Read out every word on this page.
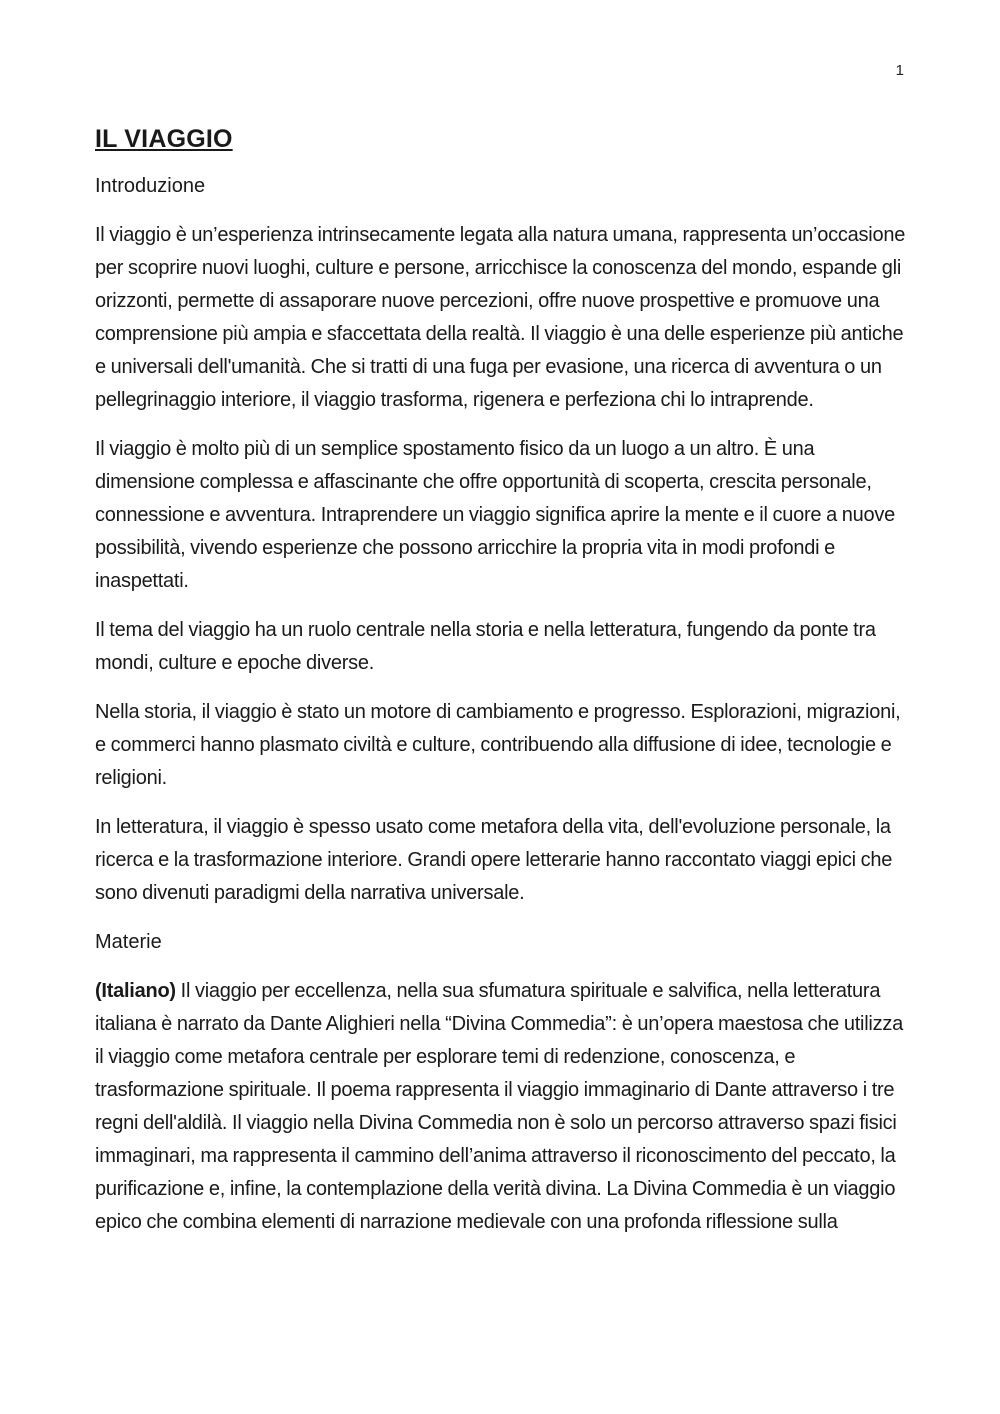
1
IL VIAGGIO
Introduzione

Il viaggio è un’esperienza intrinsecamente legata alla natura umana, rappresenta un’occasione per scoprire nuovi luoghi, culture e persone, arricchisce la conoscenza del mondo, espande gli orizzonti, permette di assaporare nuove percezioni, offre nuove prospettive e promuove una comprensione più ampia e sfaccettata della realtà. Il viaggio è una delle esperienze più antiche e universali dell'umanità. Che si tratti di una fuga per evasione, una ricerca di avventura o un pellegrinaggio interiore, il viaggio trasforma, rigenera e perfeziona chi lo intraprende.

Il viaggio è molto più di un semplice spostamento fisico da un luogo a un altro. È una dimensione complessa e affascinante che offre opportunità di scoperta, crescita personale, connessione e avventura. Intraprendere un viaggio significa aprire la mente e il cuore a nuove possibilità, vivendo esperienze che possono arricchire la propria vita in modi profondi e inaspettati.

Il tema del viaggio ha un ruolo centrale nella storia e nella letteratura, fungendo da ponte tra mondi, culture e epoche diverse.

Nella storia, il viaggio è stato un motore di cambiamento e progresso. Esplorazioni, migrazioni, e commerci hanno plasmato civiltà e culture, contribuendo alla diffusione di idee, tecnologie e religioni.

In letteratura, il viaggio è spesso usato come metafora della vita, dell'evoluzione personale, la ricerca e la trasformazione interiore. Grandi opere letterarie hanno raccontato viaggi epici che sono divenuti paradigmi della narrativa universale.

Materie

(Italiano) Il viaggio per eccellenza, nella sua sfumatura spirituale e salvifica, nella letteratura italiana è narrato da Dante Alighieri nella “Divina Commedia”: è un’opera maestosa che utilizza il viaggio come metafora centrale per esplorare temi di redenzione, conoscenza, e trasformazione spirituale. Il poema rappresenta il viaggio immaginario di Dante attraverso i tre regni dell'aldilà. Il viaggio nella Divina Commedia non è solo un percorso attraverso spazi fisici immaginari, ma rappresenta il cammino dell’anima attraverso il riconoscimento del peccato, la purificazione e, infine, la contemplazione della verità divina. La Divina Commedia è un viaggio epico che combina elementi di narrazione medievale con una profonda riflessione sulla
